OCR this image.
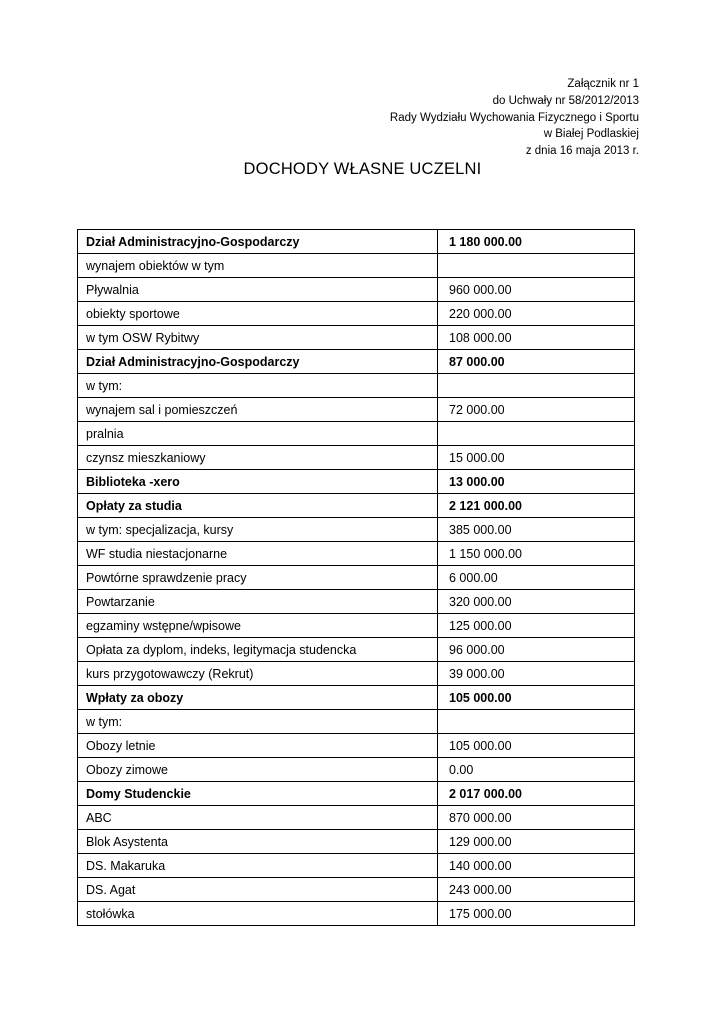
Załącznik nr 1
do Uchwały nr 58/2012/2013
Rady Wydziału Wychowania Fizycznego i Sportu
w Białej Podlaskiej
z dnia 16 maja 2013 r.
DOCHODY WŁASNE UCZELNI
Dział Administracyjno-Gospodarczy	1 180 000.00
wynajem obiektów w tym	
Pływalnia	960 000.00
obiekty sportowe	220 000.00
w tym OSW Rybitwy	108 000.00
Dział Administracyjno-Gospodarczy	87 000.00
w tym:	
wynajem sal i pomieszczeń	72 000.00
pralnia	
czynsz mieszkaniowy	15 000.00
Biblioteka -xero	13 000.00
Opłaty za studia	2 121 000.00
w tym: specjalizacja, kursy	385 000.00
WF studia niestacjonarne	1 150 000.00
Powtórne sprawdzenie pracy	6 000.00
Powtarzanie	320 000.00
egzaminy wstępne/wpisowe	125 000.00
Opłata za dyplom, indeks, legitymacja studencka	96 000.00
kurs przygotowawczy (Rekrut)	39 000.00
Wpłaty za obozy	105 000.00
w tym:	
Obozy letnie	105 000.00
Obozy zimowe	0.00
Domy Studenckie	2 017 000.00
ABC	870 000.00
Blok Asystenta	129 000.00
DS. Makaruka	140 000.00
DS. Agat	243 000.00
stołówka	175 000.00
